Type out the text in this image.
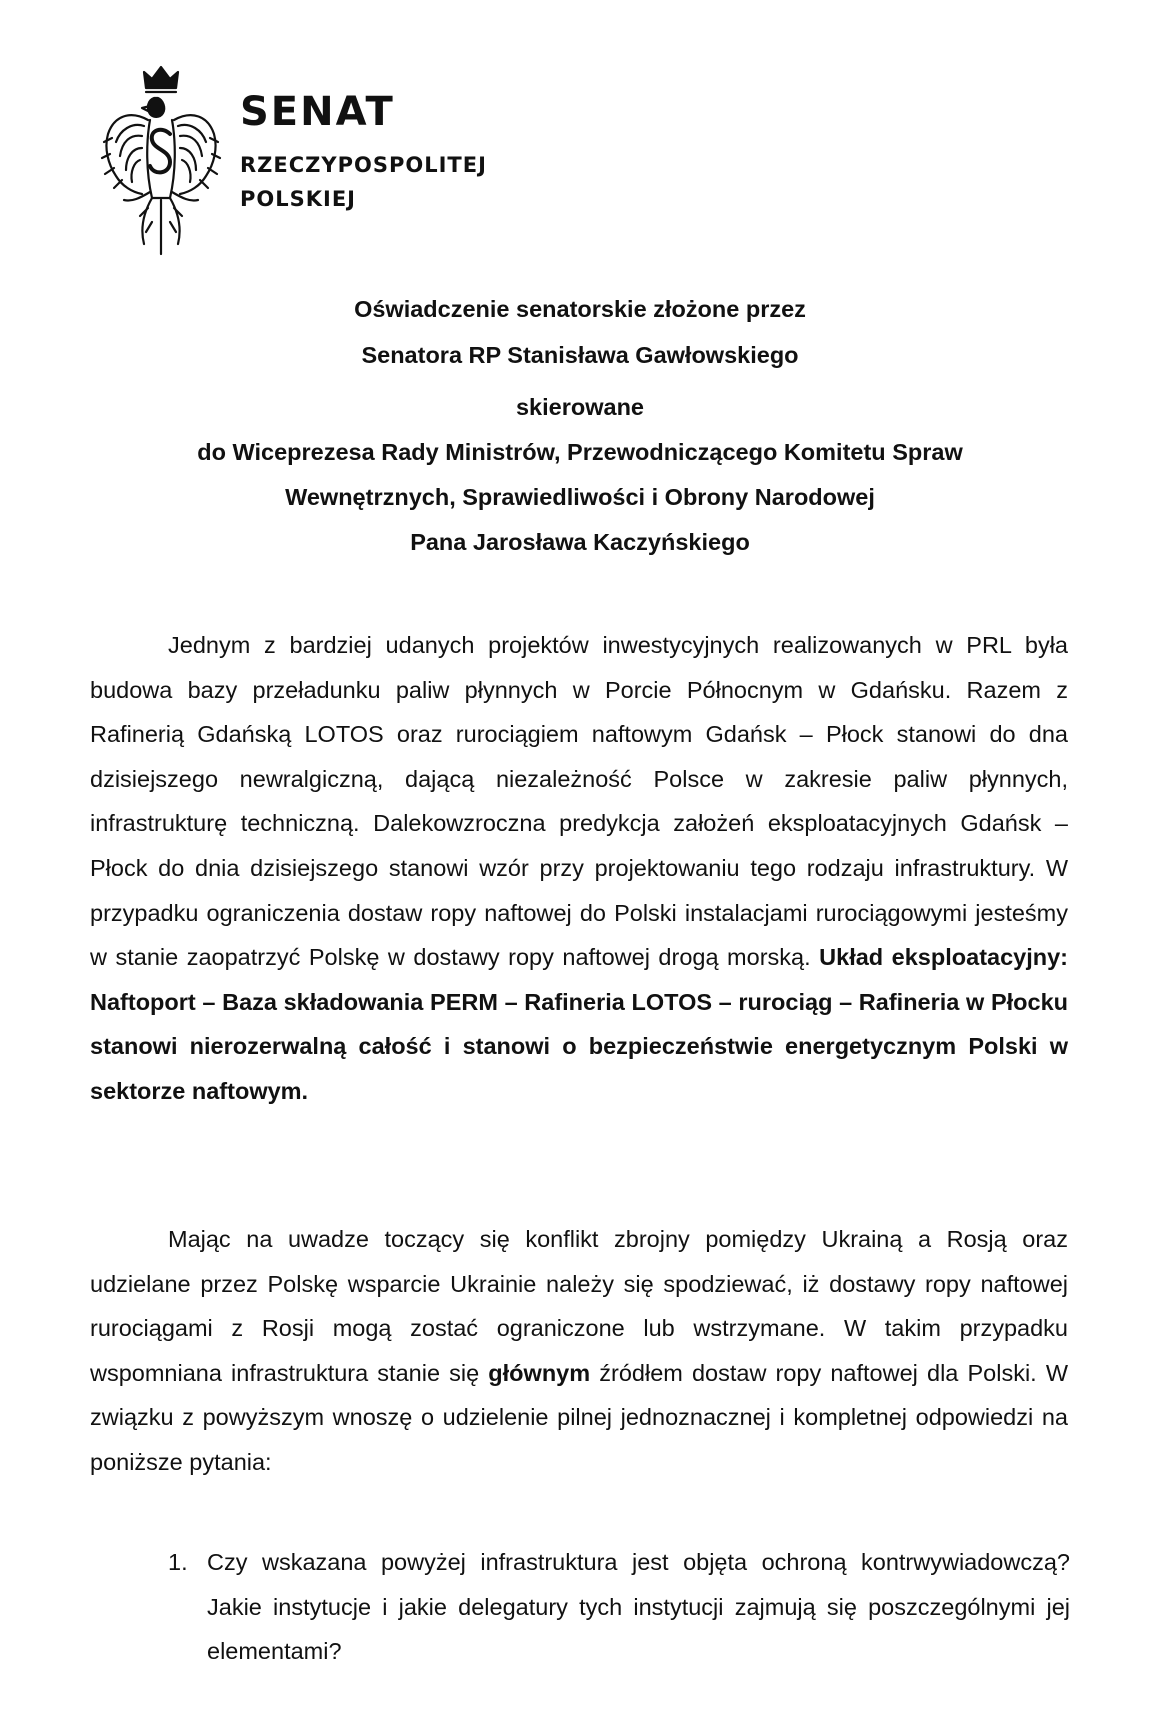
SENAT
RZECZYPOSPOLITEJ
POLSKIEJ
Oświadczenie senatorskie złożone przez
Senatora RP Stanisława Gawłowskiego
skierowane
do Wiceprezesa Rady Ministrów, Przewodniczącego Komitetu Spraw
Wewnętrznych, Sprawiedliwości i Obrony Narodowej
Pana Jarosława Kaczyńskiego

Jednym z bardziej udanych projektów inwestycyjnych realizowanych w PRL była budowa bazy przeładunku paliw płynnych w Porcie Północnym w Gdańsku. Razem z Rafinerią Gdańską LOTOS oraz rurociągiem naftowym Gdańsk – Płock stanowi do dna dzisiejszego newralgiczną, dającą niezależność Polsce w zakresie paliw płynnych, infrastrukturę techniczną. Dalekowzroczna predykcja założeń eksploatacyjnych Gdańsk – Płock do dnia dzisiejszego stanowi wzór przy projektowaniu tego rodzaju infrastruktury. W przypadku ograniczenia dostaw ropy naftowej do Polski instalacjami rurociągowymi jesteśmy w stanie zaopatrzyć Polskę w dostawy ropy naftowej drogą morską. Układ eksploatacyjny: Naftoport – Baza składowania PERM – Rafineria LOTOS – rurociąg – Rafineria w Płocku stanowi nierozerwalną całość i stanowi o bezpieczeństwie energetycznym Polski w sektorze naftowym.

Mając na uwadze toczący się konflikt zbrojny pomiędzy Ukrainą a Rosją oraz udzielane przez Polskę wsparcie Ukrainie należy się spodziewać, iż dostawy ropy naftowej rurociągami z Rosji mogą zostać ograniczone lub wstrzymane. W takim przypadku wspomniana infrastruktura stanie się głównym źródłem dostaw ropy naftowej dla Polski. W związku z powyższym wnoszę o udzielenie pilnej jednoznacznej i kompletnej odpowiedzi na poniższe pytania:

1. Czy wskazana powyżej infrastruktura jest objęta ochroną kontrwywiadowczą? Jakie instytucje i jakie delegatury tych instytucji zajmują się poszczególnymi jej elementami?
